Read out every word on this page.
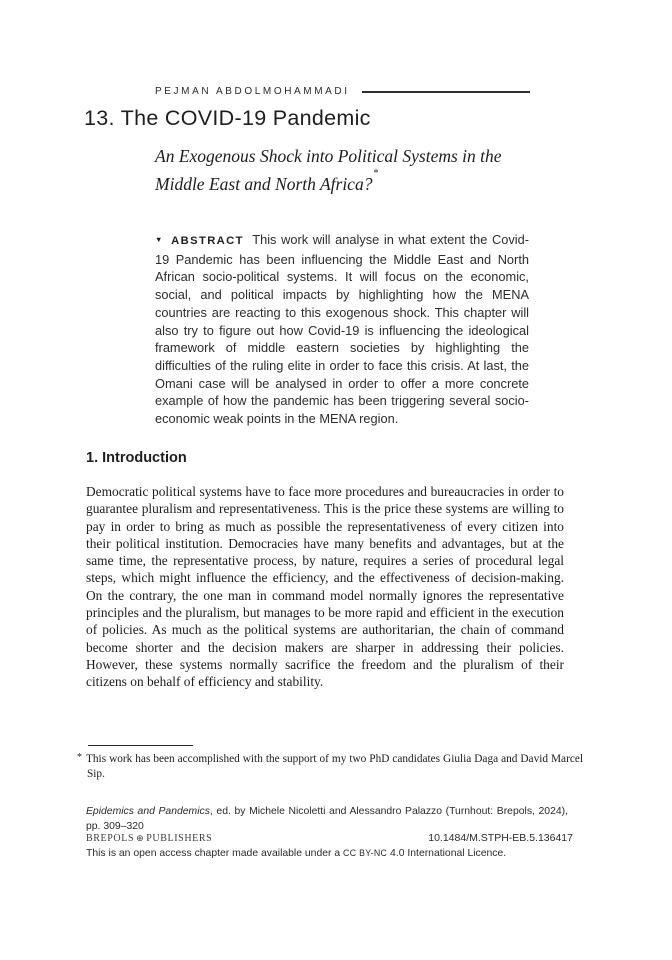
PEJMAN ABDOLMOHAMMADI
13. The COVID-19 Pandemic
An Exogenous Shock into Political Systems in the Middle East and North Africa?*

▼ ABSTRACT This work will analyse in what extent the Covid-19 Pandemic has been influencing the Middle East and North African socio-political systems. It will focus on the economic, social, and political impacts by highlighting how the MENA countries are reacting to this exogenous shock. This chapter will also try to figure out how Covid-19 is influencing the ideological framework of middle eastern societies by highlighting the difficulties of the ruling elite in order to face this crisis. At last, the Omani case will be analysed in order to offer a more concrete example of how the pandemic has been triggering several socio-economic weak points in the MENA region.

1. Introduction

Democratic political systems have to face more procedures and bureaucracies in order to guarantee pluralism and representativeness. This is the price these systems are willing to pay in order to bring as much as possible the representativeness of every citizen into their political institution. Democracies have many benefits and advantages, but at the same time, the representative process, by nature, requires a series of procedural legal steps, which might influence the efficiency, and the effectiveness of decision-making. On the contrary, the one man in command model normally ignores the representative principles and the pluralism, but manages to be more rapid and efficient in the execution of policies. As much as the political systems are authoritarian, the chain of command become shorter and the decision makers are sharper in addressing their policies. However, these systems normally sacrifice the freedom and the pluralism of their citizens on behalf of efficiency and stability.

* This work has been accomplished with the support of my two PhD candidates Giulia Daga and David Marcel Sip.

Epidemics and Pandemics, ed. by Michele Nicoletti and Alessandro Palazzo (Turnhout: Brepols, 2024), pp. 309–320

BREPOLS ⊕ PUBLISHERS	10.1484/M.STPH-EB.5.136417

This is an open access chapter made available under a CC BY-NC 4.0 International Licence.
